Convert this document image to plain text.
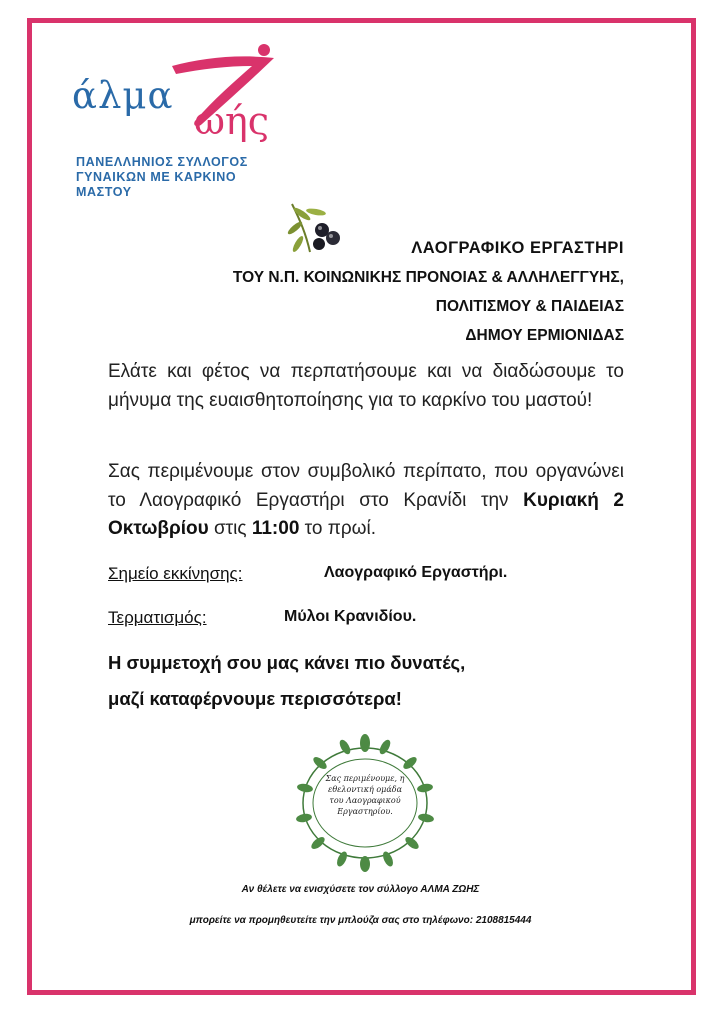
άλμα
ωής
ΠΑΝΕΛΛΗΝΙΟΣ ΣΥΛΛΟΓΟΣ
ΓΥΝΑΙΚΩΝ ΜΕ ΚΑΡΚΙΝΟ ΜΑΣΤΟΥ
ΛΑΟΓΡΑΦΙΚΟ ΕΡΓΑΣΤΗΡΙ
ΤΟΥ Ν.Π. ΚΟΙΝΩΝΙΚΗΣ ΠΡΟΝΟΙΑΣ & ΑΛΛΗΛΕΓΓΥΗΣ,
ΠΟΛΙΤΙΣΜΟΥ & ΠΑΙΔΕΙΑΣ
ΔΗΜΟΥ ΕΡΜΙΟΝΙΔΑΣ
Ελάτε και φέτος να περπατήσουμε και να διαδώσουμε το μήνυμα της ευαισθητοποίησης για το καρκίνο του μαστού!
Σας περιμένουμε στον συμβολικό περίπατο, που οργανώνει το Λαογραφικό Εργαστήρι στο Κρανίδι την Κυριακή 2 Οκτωβρίου στις 11:00 το πρωί.
Σημείο εκκίνησης:	Λαογραφικό Εργαστήρι.
Τερματισμός:	Μύλοι Κρανιδίου.
Η συμμετοχή σου μας κάνει πιο δυνατές,
μαζί καταφέρνουμε περισσότερα!
Σας περιμένουμε, η εθελοντική ομάδα του Λαογραφικού Εργαστηρίου.
Αν θέλετε να ενισχύσετε τον σύλλογο ΑΛΜΑ ΖΩΗΣ
μπορείτε να προμηθευτείτε την μπλούζα σας στο τηλέφωνο: 2108815444
